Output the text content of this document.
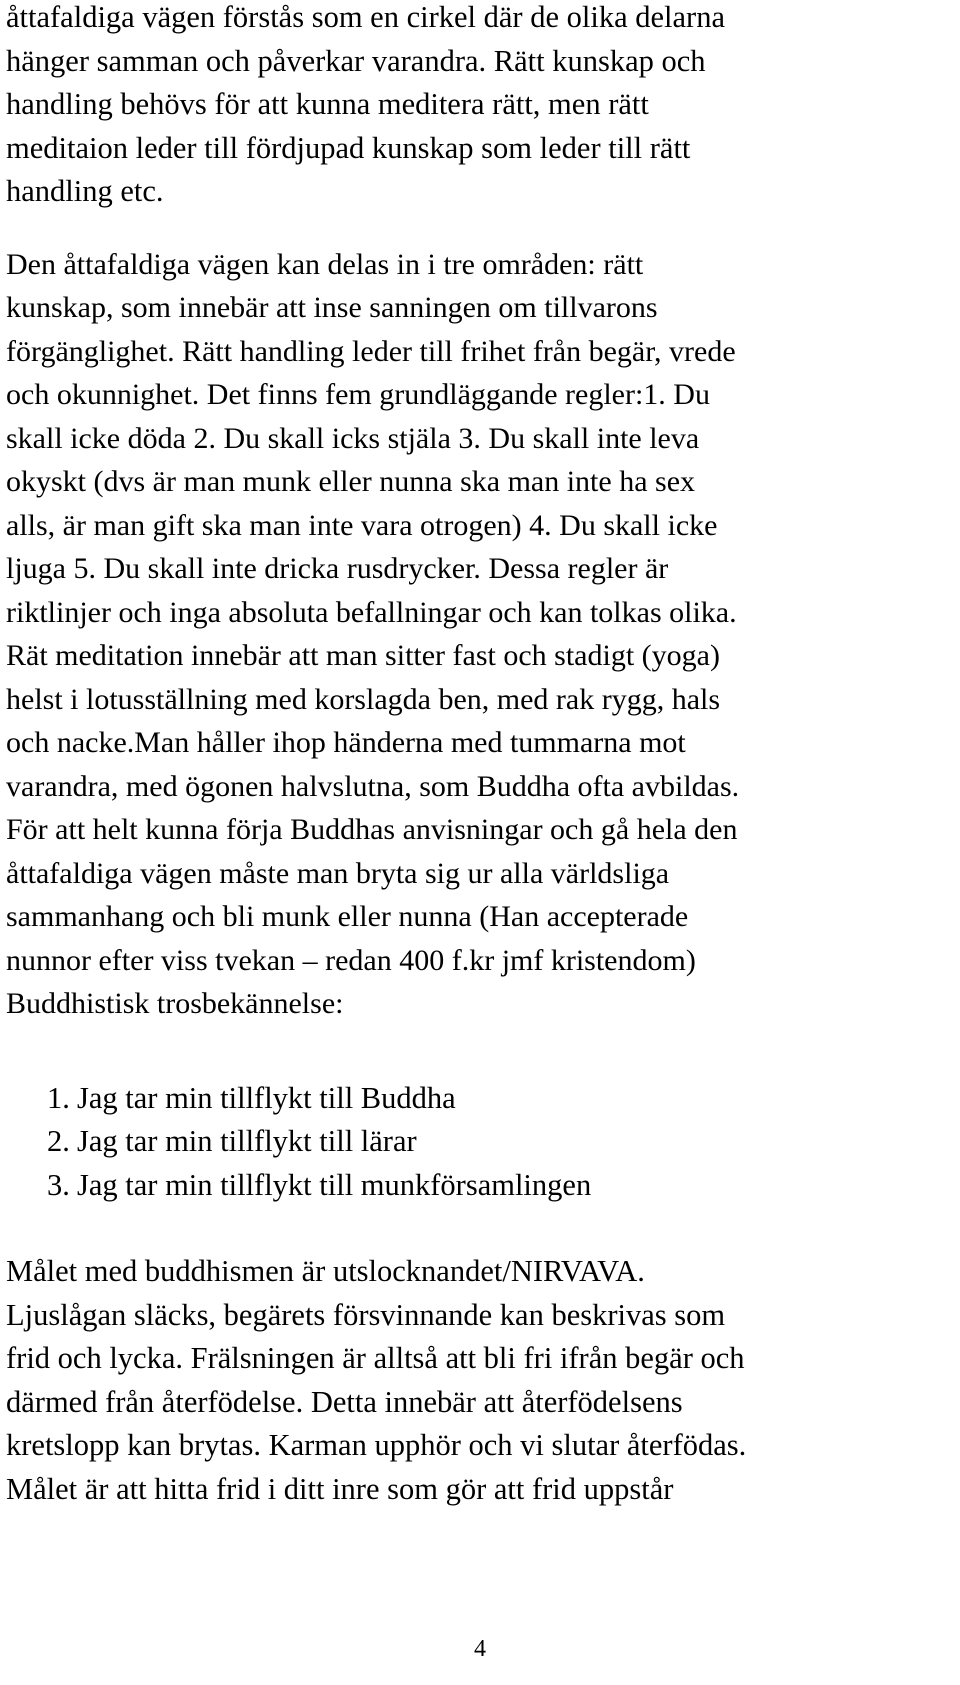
åttafaldiga vägen förstås som en cirkel där de olika delarna
hänger samman och påverkar varandra. Rätt kunskap och
handling behövs för att kunna meditera rätt, men rätt
meditaion leder till fördjupad kunskap som leder till rätt
handling etc.

Den åttafaldiga vägen kan delas in i tre områden: rätt
kunskap, som innebär att inse sanningen om tillvarons
förgänglighet. Rätt handling leder till frihet från begär, vrede
och okunnighet. Det finns fem grundläggande regler:1. Du
skall icke döda 2. Du skall icks stjäla 3. Du skall inte leva
okyskt (dvs är man munk eller nunna ska man inte ha sex
alls, är man gift ska man inte vara otrogen) 4. Du skall icke
ljuga 5. Du skall inte dricka rusdrycker. Dessa regler är
riktlinjer och inga absoluta befallningar och kan tolkas olika.
Rät meditation innebär att man sitter fast och stadigt (yoga)
helst i lotusställning med korslagda ben, med rak rygg, hals
och nacke.Man håller ihop händerna med tummarna mot
varandra, med ögonen halvslutna, som Buddha ofta avbildas.
För att helt kunna förja Buddhas anvisningar och gå hela den
åttafaldiga vägen måste man bryta sig ur alla världsliga
sammanhang och bli munk eller nunna (Han accepterade
nunnor efter viss tvekan – redan 400 f.kr jmf kristendom)
Buddhistisk trosbekännelse:

1. Jag tar min tillflykt till Buddha
2. Jag tar min tillflykt till lärar
3. Jag tar min tillflykt till munkförsamlingen

Målet med buddhismen är utslocknandet/NIRVAVA.
Ljuslågan släcks, begärets försvinnande kan beskrivas som
frid och lycka. Frälsningen är alltså att bli fri ifrån begär och
därmed från återfödelse. Detta innebär att återfödelsens
kretslopp kan brytas. Karman upphör och vi slutar återfödas.
Målet är att hitta frid i ditt inre som gör att frid uppstår

4
